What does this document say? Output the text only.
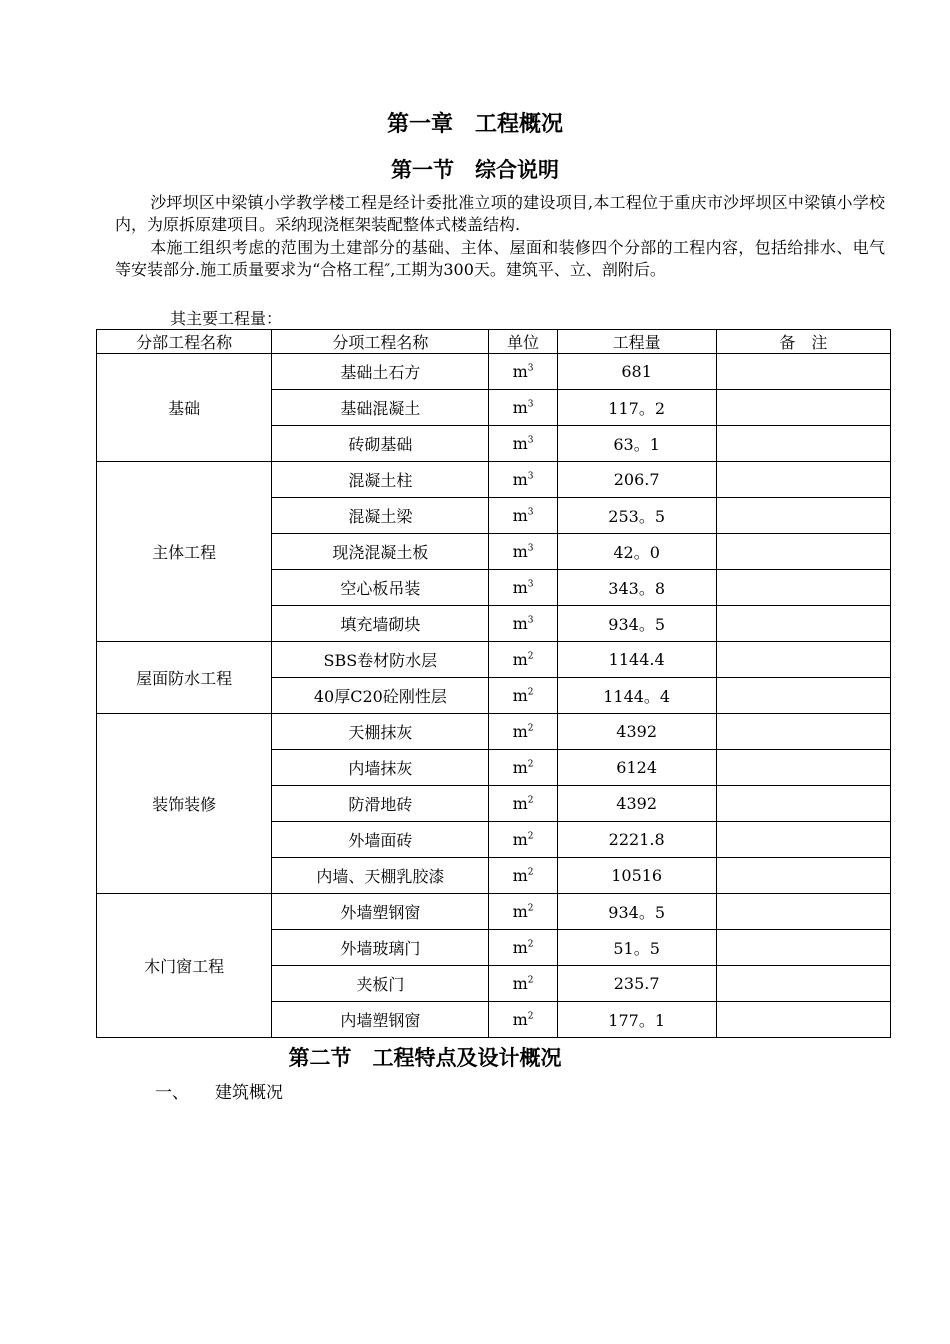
第一章　工程概况
第一节　综合说明
沙坪坝区中梁镇小学教学楼工程是经计委批准立项的建设项目,本工程位于重庆市沙坪坝区中梁镇小学校内，为原拆原建项目。采纳现浇框架装配整体式楼盖结构.
本施工组织考虑的范围为土建部分的基础、主体、屋面和装修四个分部的工程内容，包括给排水、电气等安装部分.施工质量要求为“合格工程″,工期为300天。建筑平、立、剖附后。
其主要工程量：
分部工程名称	分项工程名称	单位	工程量	备　注
基础	基础土石方	$m^3$	681	
	基础混凝土	$m^3$	117。2	
	砖砌基础	$m^3$	63。1	
主体工程	混凝土柱	$m^3$	206.7	
	混凝土梁	$m^3$	253。5	
	现浇混凝土板	$m^3$	42。0	
	空心板吊装	$m^3$	343。8	
	填充墙砌块	$m^3$	934。5	
屋面防水工程	SBS卷材防水层	$m^2$	1144.4	
	40厚C20砼刚性层	$m^2$	1144。4	
装饰装修	天棚抹灰	$m^2$	4392	
	内墙抹灰	$m^2$	6124	
	防滑地砖	$m^2$	4392	
	外墙面砖	$m^2$	2221.8	
	内墙、天棚乳胶漆	$m^2$	10516	
木门窗工程	外墙塑钢窗	$m^2$	934。5	
	外墙玻璃门	$m^2$	51。5	
	夹板门	$m^2$	235.7	
	内墙塑钢窗	$m^2$	177。1	
第二节　工程特点及设计概况
一、 建筑概况
